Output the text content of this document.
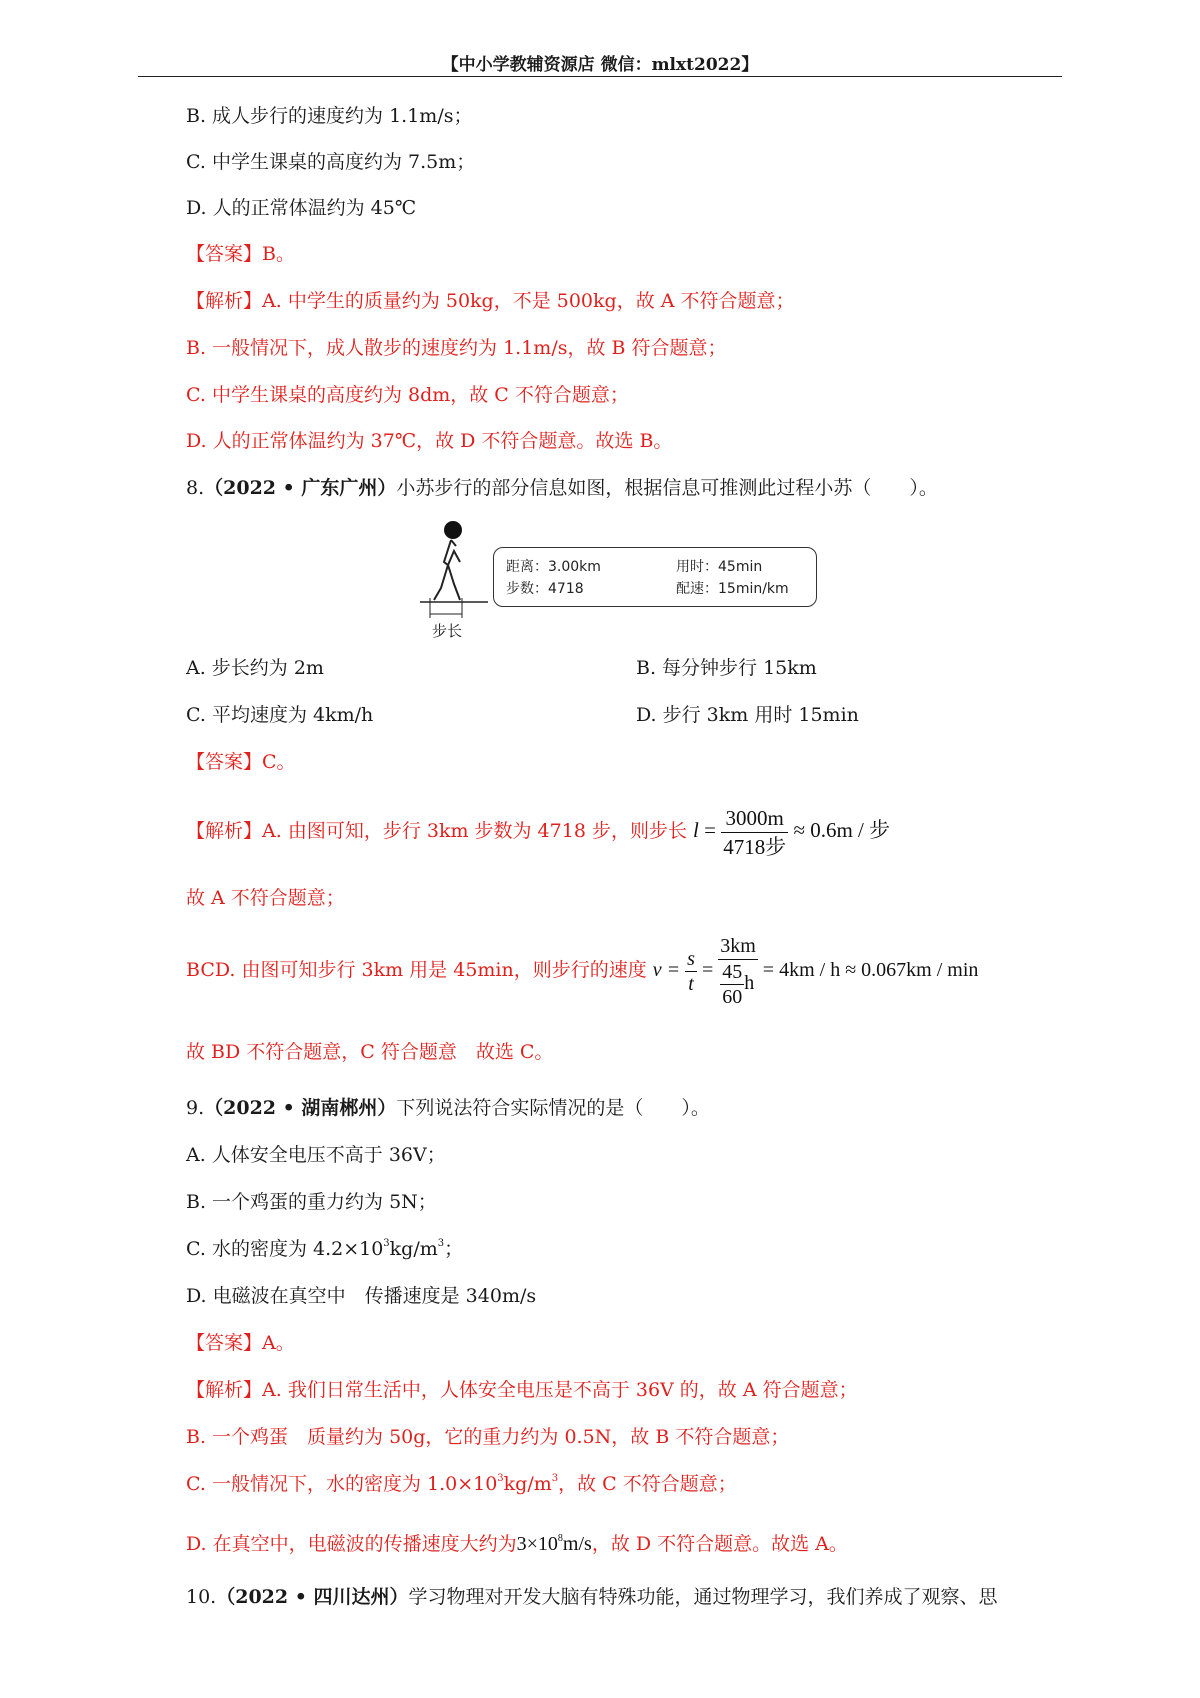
【中小学教辅资源店 微信：mlxt2022】
B. 成人步行的速度约为 1.1m/s；
C. 中学生课桌的高度约为 7.5m；
D. 人的正常体温约为 45℃
【答案】B。
【解析】A. 中学生的质量约为 50kg，不是 500kg，故 A 不符合题意；
B. 一般情况下，成人散步的速度约为 1.1m/s，故 B 符合题意；
C. 中学生课桌的高度约为 8dm，故 C 不符合题意；
D. 人的正常体温约为 37℃，故 D 不符合题意。故选 B。
8.（2022 • 广东广州）小苏步行的部分信息如图，根据信息可推测此过程小苏（　　）。
步长
距离：3.00km
步数：4718
用时：45min
配速：15min/km
A. 步长约为 2m	B. 每分钟步行 15km
C. 平均速度为 4km/h	D. 步行 3km 用时 15min
【答案】C。
【解析】A. 由图可知，步行 3km 步数为 4718 步，则步长 $l = \frac{3000m}{\text{4718步}} \approx 0.6m$ / 步
故 A 不符合题意；
BCD. 由图可知步行 3km 用是 45min，则步行的速度 $v = \frac{s}{t} = \frac{3km}{\frac{45}{60} h} = 4km / h \approx 0.067km / \min$
故 BD 不符合题意，C 符合题意　故选 C。
9.（2022 • 湖南郴州）下列说法符合实际情况的是（　　）。
A. 人体安全电压不高于 36V；
B. 一个鸡蛋的重力约为 5N；
C. 水的密度为 $4.2\times 10^3kg/m^3$；
D. 电磁波在真空中　传播速度是 340m/s
【答案】A。
【解析】A. 我们日常生活中，人体安全电压是不高于 36V 的，故 A 符合题意；
B. 一个鸡蛋　质量约为 50g，它的重力约为 0.5N，故 B 不符合题意；
C. 一般情况下，水的密度为 $1.0\times 10^3kg/m^3$，故 C 不符合题意；
D. 在真空中，电磁波的传播速度大约为$3\times 10^8m/s$，故 D 不符合题意。故选 A。
10.（2022 • 四川达州）学习物理对开发大脑有特殊功能，通过物理学习，我们养成了观察、思
